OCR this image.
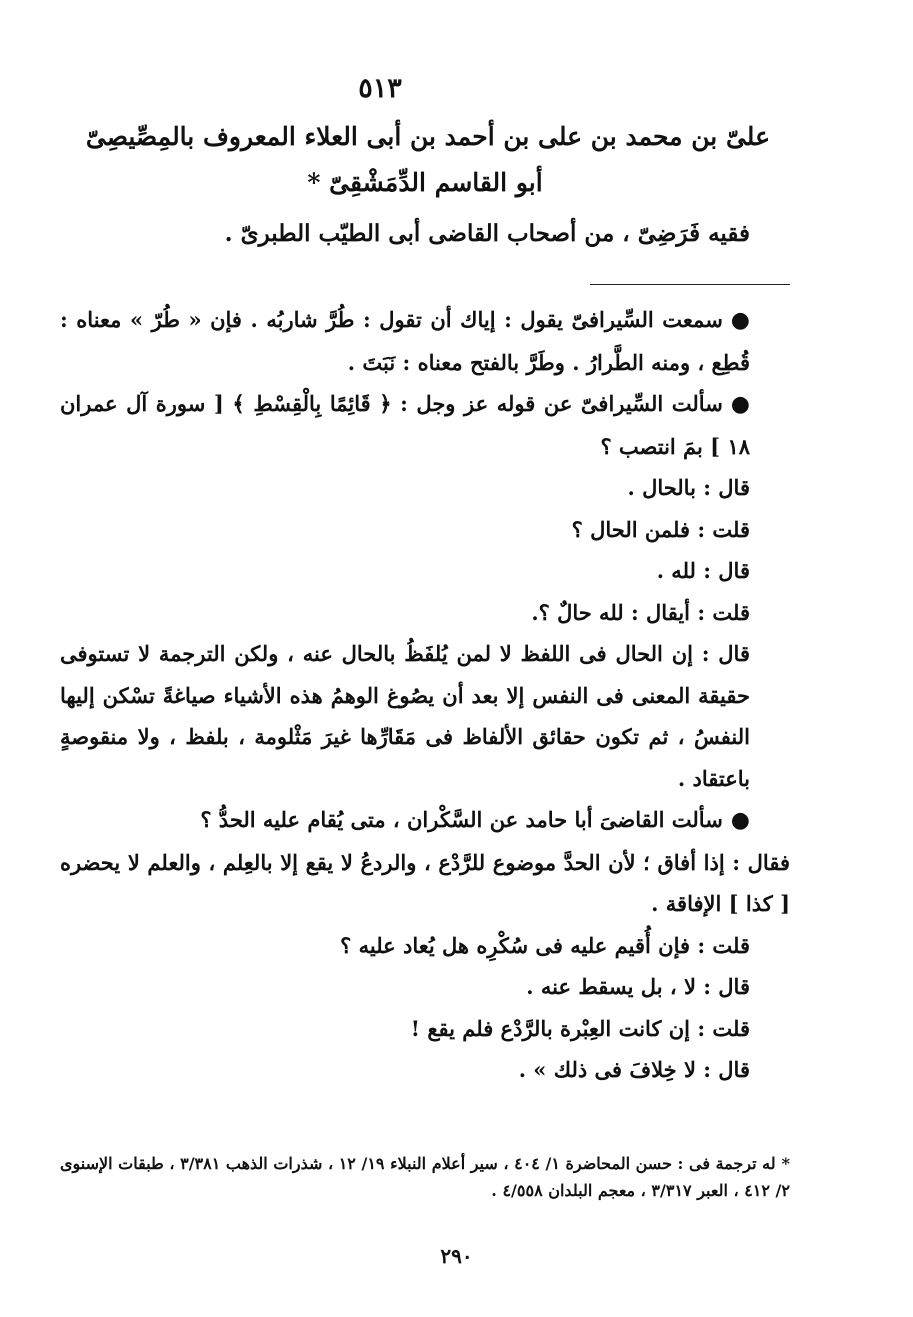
٥١٣
علىّ بن محمد بن على بن أحمد بن أبى العلاء المعروف بالمِصِّيصِىّ
أبو القاسم الدِّمَشْقِىّ *
فقيه فَرَضِىّ ، من أصحاب القاضى أبى الطيّب الطبرىّ .

●سمعت السِّيرافىّ يقول : إياك أن تقول : طُرَّ شاربُه . فإن « طُرّ » معناه : قُطِع ، ومنه الطَّرارُ . وطَرَّ بالفتح معناه : نَبَتَ .

●سألت السِّيرافىّ عن قوله عز وجل : ﴿ قَائِمًا بِالْقِسْطِ ﴾ [ سورة آل عمران ١٨ ] بمَ انتصب ؟

قال : بالحال .

قلت : فلمن الحال ؟

قال : لله .

قلت : أيقال : لله حالٌ ؟.

قال : إن الحال فى اللفظ لا لمن يُلفَظُ بالحال عنه ، ولكن الترجمة لا تستوفى حقيقة المعنى فى النفس إلا بعد أن يصُوغ الوهمُ هذه الأشياء صياغةً تسْكن إليها النفسُ ، ثم تكون حقائق الألفاظ فى مَقَارِّها غيرَ مَثْلومة ، بلفظ ، ولا منقوصةٍ باعتقاد .

●سألت القاضىَ أبا حامد عن السَّكْران ، متى يُقام عليه الحدُّ ؟

فقال : إذا أفاق ؛ لأن الحدَّ موضوع للرَّدْع ، والردعُ لا يقع إلا بالعِلم ، والعلم لا يحضره [ كذا ] الإفاقة .

قلت : فإن أُقيم عليه فى سُكْرِه هل يُعاد عليه ؟

قال : لا ، بل يسقط عنه .

قلت : إن كانت العِبْرة بالرَّدْع فلم يقع !

قال : لا خِلافَ فى ذلك » .

*له ترجمة فى : حسن المحاضرة ١/ ٤٠٤ ، سير أعلام النبلاء ١٩/ ١٢ ، شذرات الذهب ٣/٣٨١ ، طبقات الإسنوى ٢/ ٤١٢ ، العبر ٣/٣١٧ ، معجم البلدان ٤/٥٥٨ .
٢٩٠
